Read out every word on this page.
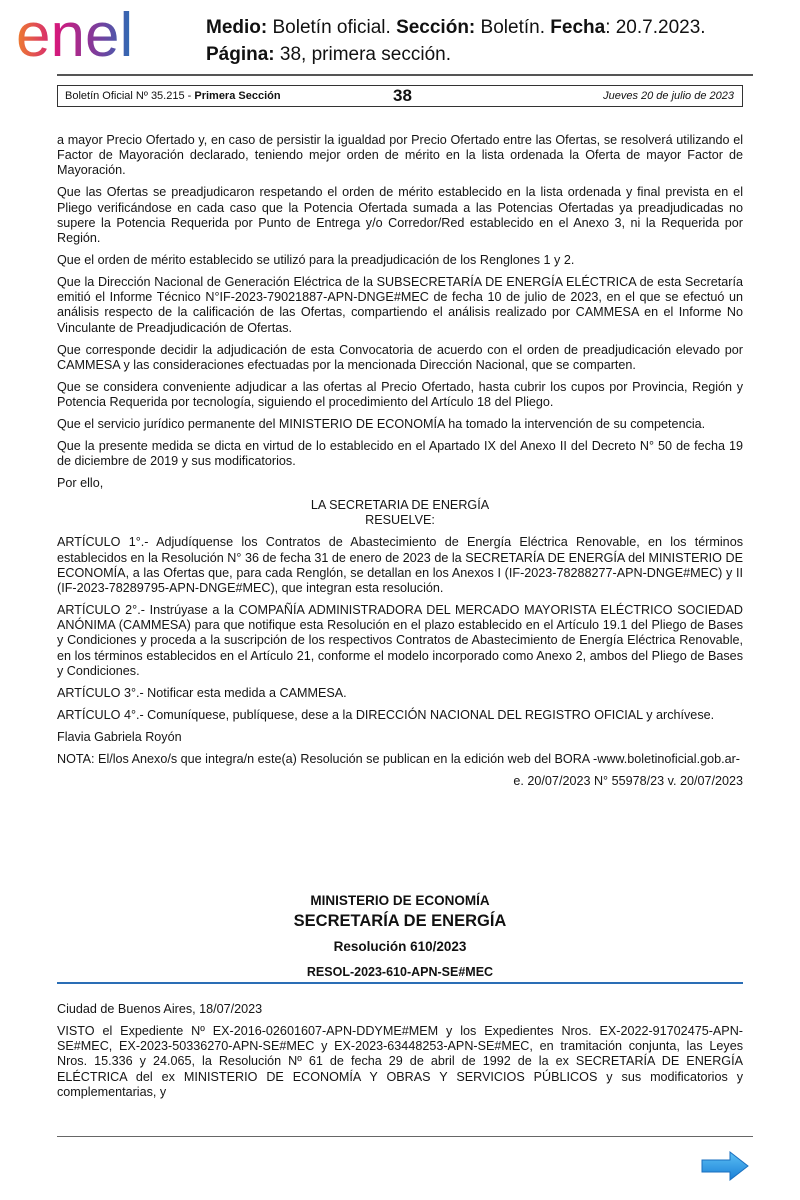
enel	Medio: Boletín oficial. Sección: Boletín. Fecha: 20.7.2023.
Página: 38, primera sección.
Boletín Oficial Nº 35.215 - Primera Sección	38	Jueves 20 de julio de 2023

a mayor Precio Ofertado y, en caso de persistir la igualdad por Precio Ofertado entre las Ofertas, se resolverá utilizando el Factor de Mayoración declarado, teniendo mejor orden de mérito en la lista ordenada la Oferta de mayor Factor de Mayoración.

Que las Ofertas se preadjudicaron respetando el orden de mérito establecido en la lista ordenada y final prevista en el Pliego verificándose en cada caso que la Potencia Ofertada sumada a las Potencias Ofertadas ya preadjudicadas no supere la Potencia Requerida por Punto de Entrega y/o Corredor/Red establecido en el Anexo 3, ni la Requerida por Región.

Que el orden de mérito establecido se utilizó para la preadjudicación de los Renglones 1 y 2.

Que la Dirección Nacional de Generación Eléctrica de la SUBSECRETARÍA DE ENERGÍA ELÉCTRICA de esta Secretaría emitió el Informe Técnico N°IF-2023-79021887-APN-DNGE#MEC de fecha 10 de julio de 2023, en el que se efectuó un análisis respecto de la calificación de las Ofertas, compartiendo el análisis realizado por CAMMESA en el Informe No Vinculante de Preadjudicación de Ofertas.

Que corresponde decidir la adjudicación de esta Convocatoria de acuerdo con el orden de preadjudicación elevado por CAMMESA y las consideraciones efectuadas por la mencionada Dirección Nacional, que se comparten.

Que se considera conveniente adjudicar a las ofertas al Precio Ofertado, hasta cubrir los cupos por Provincia, Región y Potencia Requerida por tecnología, siguiendo el procedimiento del Artículo 18 del Pliego.

Que el servicio jurídico permanente del MINISTERIO DE ECONOMÍA ha tomado la intervención de su competencia.

Que la presente medida se dicta en virtud de lo establecido en el Apartado IX del Anexo II del Decreto N° 50 de fecha 19 de diciembre de 2019 y sus modificatorios.

Por ello,

LA SECRETARIA DE ENERGÍA
RESUELVE:

ARTÍCULO 1°.- Adjudíquense los Contratos de Abastecimiento de Energía Eléctrica Renovable, en los términos establecidos en la Resolución N° 36 de fecha 31 de enero de 2023 de la SECRETARÍA DE ENERGÍA del MINISTERIO DE ECONOMÍA, a las Ofertas que, para cada Renglón, se detallan en los Anexos I (IF-2023-78288277-APN-DNGE#MEC) y II (IF-2023-78289795-APN-DNGE#MEC), que integran esta resolución.

ARTÍCULO 2°.- Instrúyase a la COMPAÑÍA ADMINISTRADORA DEL MERCADO MAYORISTA ELÉCTRICO SOCIEDAD ANÓNIMA (CAMMESA) para que notifique esta Resolución en el plazo establecido en el Artículo 19.1 del Pliego de Bases y Condiciones y proceda a la suscripción de los respectivos Contratos de Abastecimiento de Energía Eléctrica Renovable, en los términos establecidos en el Artículo 21, conforme el modelo incorporado como Anexo 2, ambos del Pliego de Bases y Condiciones.

ARTÍCULO 3°.- Notificar esta medida a CAMMESA.

ARTÍCULO 4°.- Comuníquese, publíquese, dese a la DIRECCIÓN NACIONAL DEL REGISTRO OFICIAL y archívese.

Flavia Gabriela Royón

NOTA: El/los Anexo/s que integra/n este(a) Resolución se publican en la edición web del BORA -www.boletinoficial.gob.ar-

e. 20/07/2023 N° 55978/23 v. 20/07/2023

MINISTERIO DE ECONOMÍA
SECRETARÍA DE ENERGÍA
Resolución 610/2023
RESOL-2023-610-APN-SE#MEC

Ciudad de Buenos Aires, 18/07/2023

VISTO el Expediente Nº EX-2016-02601607-APN-DDYME#MEM y los Expedientes Nros. EX-2022-91702475-APN-SE#MEC, EX-2023-50336270-APN-SE#MEC y EX-2023-63448253-APN-SE#MEC, en tramitación conjunta, las Leyes Nros. 15.336 y 24.065, la Resolución Nº 61 de fecha 29 de abril de 1992 de la ex SECRETARÍA DE ENERGÍA ELÉCTRICA del ex MINISTERIO DE ECONOMÍA Y OBRAS Y SERVICIOS PÚBLICOS y sus modificatorios y complementarias, y
